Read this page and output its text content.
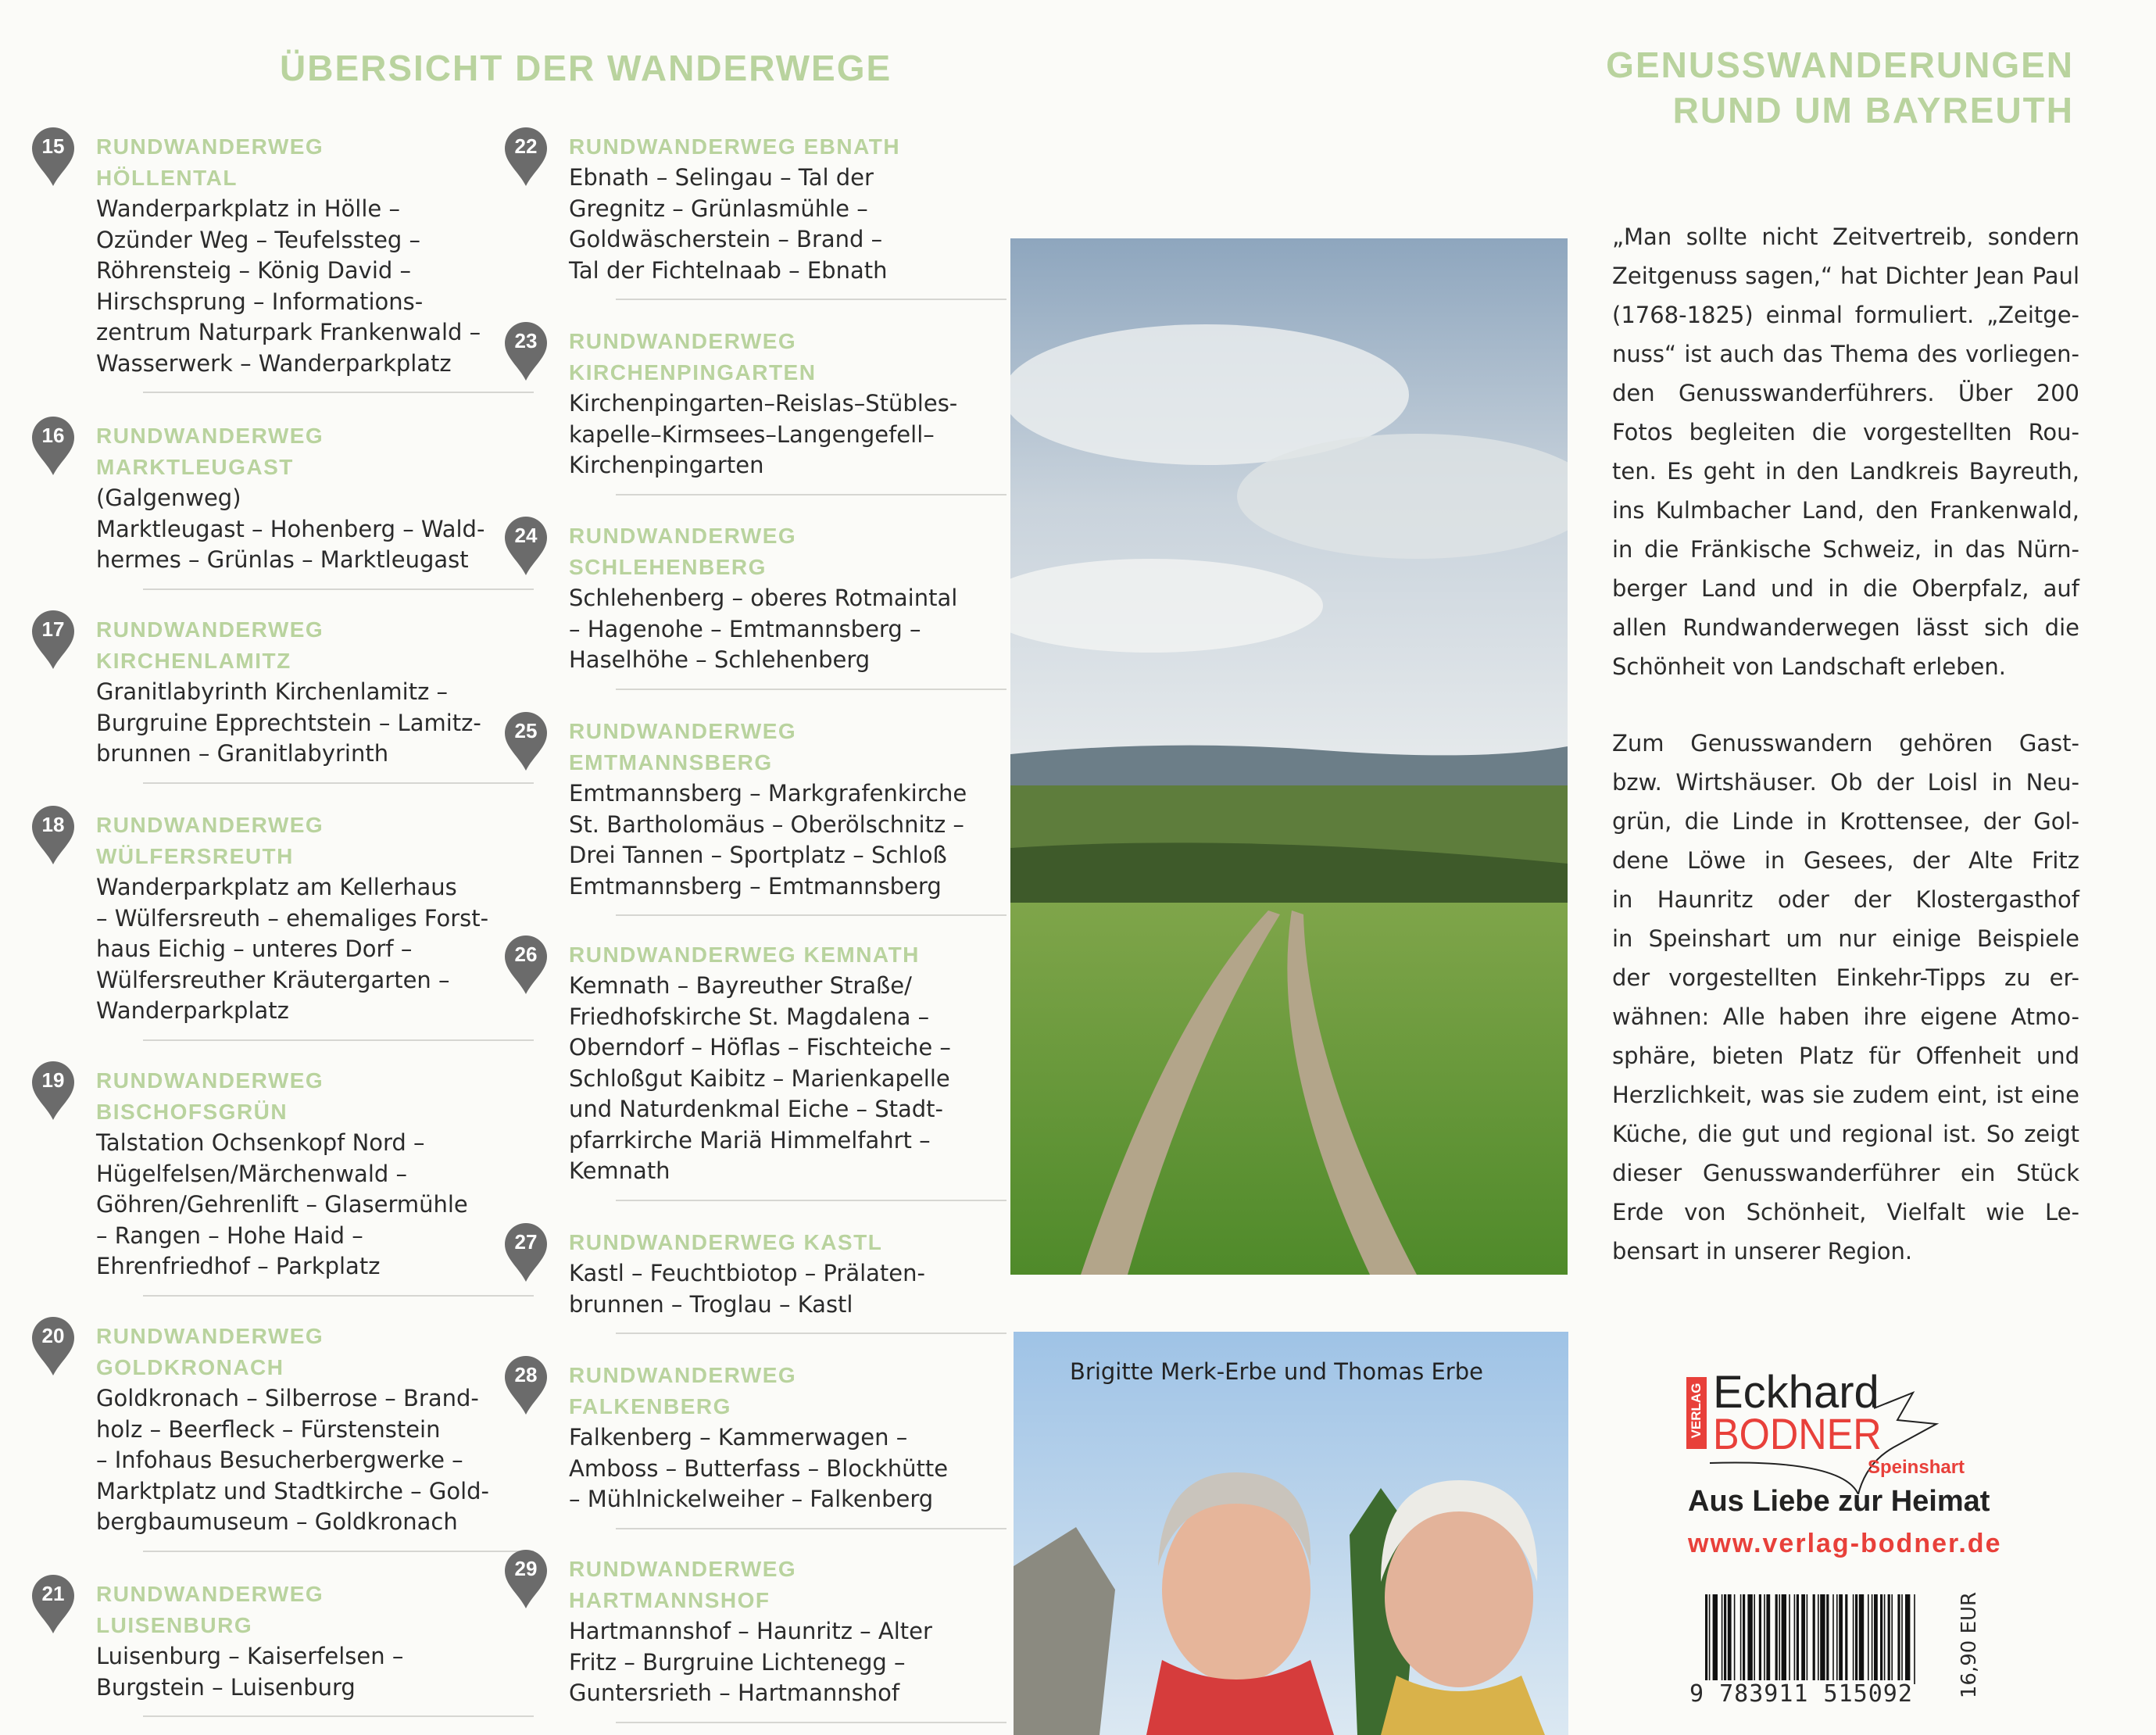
ÜBERSICHT DER WANDERWEGE	GENUSSWANDERUNGEN
RUND UM BAYREUTH
15	RUNDWANDERWEG
HÖLLENTAL
Wanderparkplatz in Hölle –
Ozünder Weg – Teufelssteg –
Röhrensteig – König David –
Hirschsprung – Informations-
zentrum Naturpark Frankenwald –
Wasserwerk – Wanderparkplatz
16	RUNDWANDERWEG
MARKTLEUGAST
(Galgenweg)
Marktleugast – Hohenberg – Wald-
hermes – Grünlas – Marktleugast
17	RUNDWANDERWEG
KIRCHENLAMITZ
Granitlabyrinth Kirchenlamitz –
Burgruine Epprechtstein – Lamitz-
brunnen – Granitlabyrinth
18	RUNDWANDERWEG
WÜLFERSREUTH
Wanderparkplatz am Kellerhaus
– Wülfersreuth – ehemaliges Forst-
haus Eichig – unteres Dorf –
Wülfersreuther Kräutergarten –
Wanderparkplatz
19	RUNDWANDERWEG
BISCHOFSGRÜN
Talstation Ochsenkopf Nord –
Hügelfelsen/Märchenwald –
Göhren/Gehrenlift – Glasermühle
– Rangen – Hohe Haid –
Ehrenfriedhof – Parkplatz
20	RUNDWANDERWEG
GOLDKRONACH
Goldkronach – Silberrose – Brand-
holz – Beerfleck – Fürstenstein
– Infohaus Besucherbergwerke –
Marktplatz und Stadtkirche – Gold-
bergbaumuseum – Goldkronach
21	RUNDWANDERWEG
LUISENBURG
Luisenburg – Kaiserfelsen –
Burgstein – Luisenburg
22	RUNDWANDERWEG EBNATH
Ebnath – Selingau – Tal der
Gregnitz – Grünlasmühle –
Goldwäscherstein – Brand –
Tal der Fichtelnaab – Ebnath
23	RUNDWANDERWEG
KIRCHENPINGARTEN
Kirchenpingarten–Reislas–Stübles-
kapelle–Kirmsees–Langengefell–
Kirchenpingarten
24	RUNDWANDERWEG
SCHLEHENBERG
Schlehenberg – oberes Rotmaintal
– Hagenohe – Emtmannsberg –
Haselhöhe – Schlehenberg
25	RUNDWANDERWEG
EMTMANNSBERG
Emtmannsberg – Markgrafenkirche
St. Bartholomäus – Oberölschnitz –
Drei Tannen – Sportplatz – Schloß
Emtmannsberg – Emtmannsberg
26	RUNDWANDERWEG KEMNATH
Kemnath – Bayreuther Straße/
Friedhofskirche St. Magdalena –
Oberndorf – Höflas – Fischteiche –
Schloßgut Kaibitz – Marienkapelle
und Naturdenkmal Eiche – Stadt-
pfarrkirche Mariä Himmelfahrt –
Kemnath
27	RUNDWANDERWEG KASTL
Kastl – Feuchtbiotop – Prälaten-
brunnen – Troglau – Kastl
28	RUNDWANDERWEG
FALKENBERG
Falkenberg – Kammerwagen –
Amboss – Butterfass – Blockhütte
– Mühlnickelweiher – Falkenberg
29	RUNDWANDERWEG
HARTMANNSHOF
Hartmannshof – Haunritz – Alter
Fritz – Burgruine Lichtenegg –
Guntersrieth – Hartmannshof
Brigitte Merk-Erbe und Thomas Erbe
„Man sollte nicht Zeitvertreib, sondern
Zeitgenuss sagen,“ hat Dichter Jean Paul
(1768-1825) einmal formuliert. „Zeitge-
nuss“ ist auch das Thema des vorliegen-
den Genusswanderführers. Über 200
Fotos begleiten die vorgestellten Rou-
ten. Es geht in den Landkreis Bayreuth,
ins Kulmbacher Land, den Frankenwald,
in die Fränkische Schweiz, in das Nürn-
berger Land und in die Oberpfalz, auf
allen Rundwanderwegen lässt sich die
Schönheit von Landschaft erleben.
Zum Genusswandern gehören Gast-
bzw. Wirtshäuser. Ob der Loisl in Neu-
grün, die Linde in Krottensee, der Gol-
dene Löwe in Gesees, der Alte Fritz
in Haunritz oder der Klostergasthof
in Speinshart um nur einige Beispiele
der vorgestellten Einkehr-Tipps zu er-
wähnen: Alle haben ihre eigene Atmo-
sphäre, bieten Platz für Offenheit und
Herzlichkeit, was sie zudem eint, ist eine
Küche, die gut und regional ist. So zeigt
dieser Genusswanderführer ein Stück
Erde von Schönheit, Vielfalt wie Le-
bensart in unserer Region.
VERLAG Eckhard
BODNER
Speinshart
Aus Liebe zur Heimat
www.verlag-bodner.de
9 783911 515092 16,90 EUR
